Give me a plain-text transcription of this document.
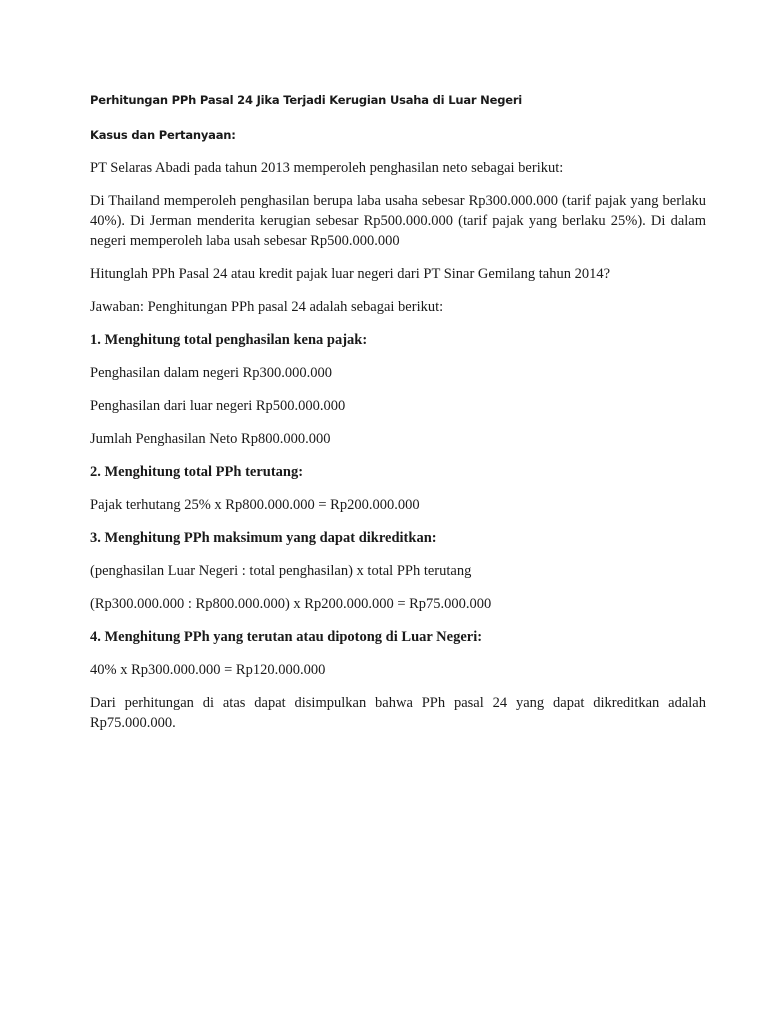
Perhitungan PPh Pasal 24 Jika Terjadi Kerugian Usaha di Luar Negeri
Kasus dan Pertanyaan:

PT Selaras Abadi pada tahun 2013 memperoleh penghasilan neto sebagai berikut:

Di Thailand memperoleh penghasilan berupa laba usaha sebesar Rp300.000.000 (tarif pajak yang berlaku 40%). Di Jerman menderita kerugian sebesar Rp500.000.000 (tarif pajak yang berlaku 25%). Di dalam negeri memperoleh laba usah sebesar Rp500.000.000

Hitunglah PPh Pasal 24 atau kredit pajak luar negeri dari PT Sinar Gemilang tahun 2014?

Jawaban: Penghitungan PPh pasal 24 adalah sebagai berikut:

1. Menghitung total penghasilan kena pajak:

Penghasilan dalam negeri Rp300.000.000

Penghasilan dari luar negeri Rp500.000.000

Jumlah Penghasilan Neto Rp800.000.000

2. Menghitung total PPh terutang:

Pajak terhutang 25% x Rp800.000.000 = Rp200.000.000

3. Menghitung PPh maksimum yang dapat dikreditkan:

(penghasilan Luar Negeri : total penghasilan) x total PPh terutang

(Rp300.000.000 : Rp800.000.000) x Rp200.000.000 = Rp75.000.000

4. Menghitung PPh yang terutan atau dipotong di Luar Negeri:

40% x Rp300.000.000 = Rp120.000.000

Dari perhitungan di atas dapat disimpulkan bahwa PPh pasal 24 yang dapat dikreditkan adalah Rp75.000.000.
